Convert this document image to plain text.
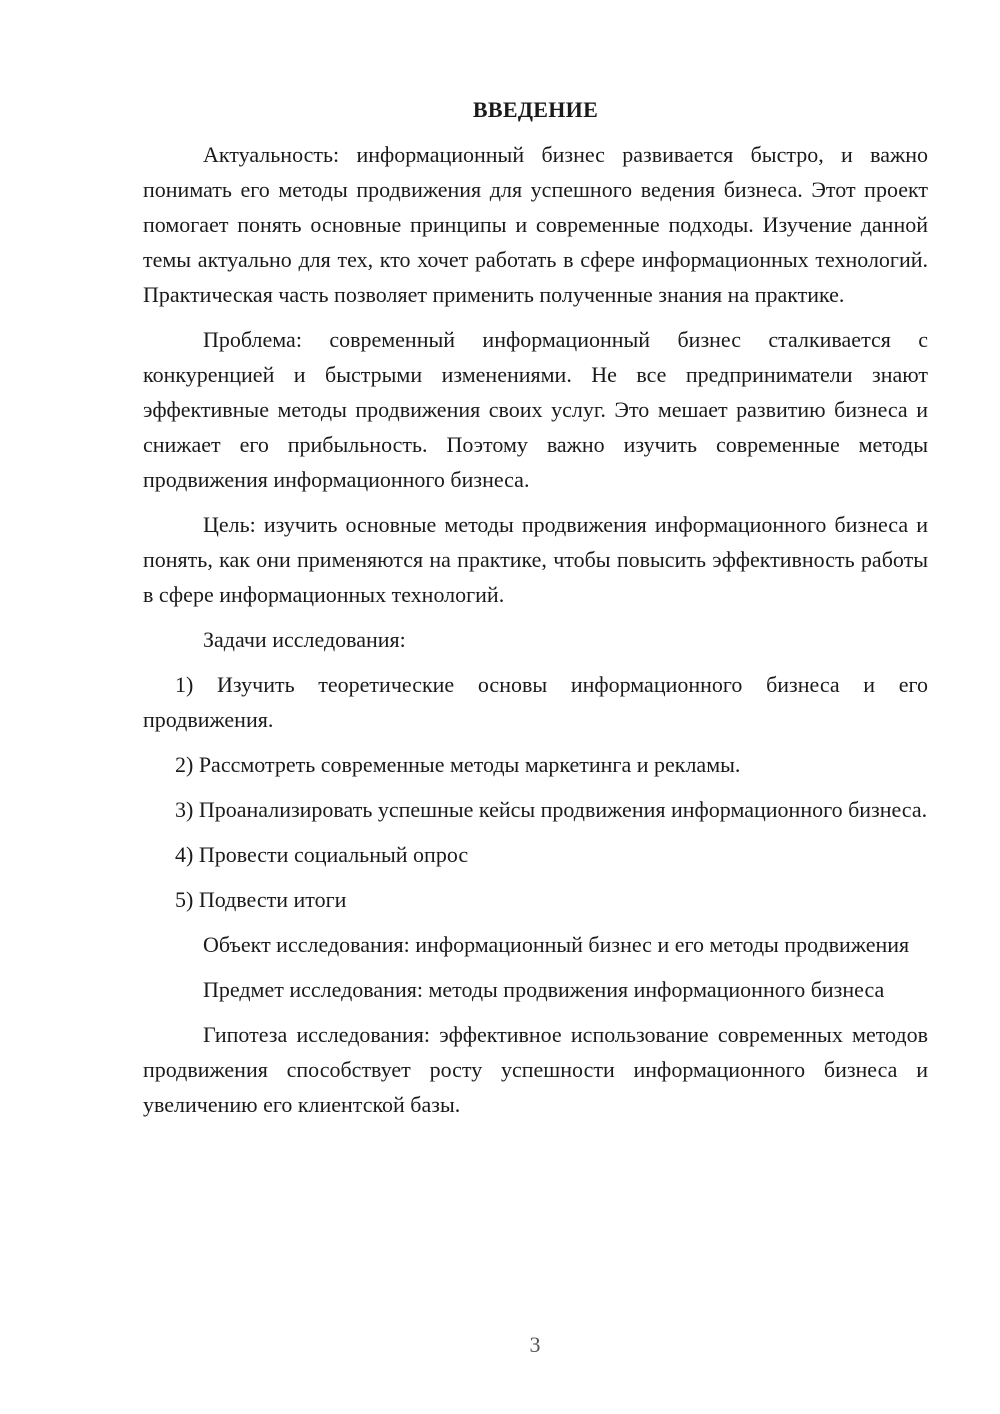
ВВЕДЕНИЕ

Актуальность: информационный бизнес развивается быстро, и важно понимать его методы продвижения для успешного ведения бизнеса. Этот проект помогает понять основные принципы и современные подходы. Изучение данной темы актуально для тех, кто хочет работать в сфере информационных технологий. Практическая часть позволяет применить полученные знания на практике.

Проблема: современный информационный бизнес сталкивается с конкуренцией и быстрыми изменениями. Не все предприниматели знают эффективные методы продвижения своих услуг. Это мешает развитию бизнеса и снижает его прибыльность. Поэтому важно изучить современные методы продвижения информационного бизнеса.

Цель: изучить основные методы продвижения информационного бизнеса и понять, как они применяются на практике, чтобы повысить эффективность работы в сфере информационных технологий.

Задачи исследования:

1) Изучить теоретические основы информационного бизнеса и его продвижения.

2) Рассмотреть современные методы маркетинга и рекламы.

3) Проанализировать успешные кейсы продвижения информационного бизнеса.

4) Провести социальный опрос

5) Подвести итоги

Объект исследования: информационный бизнес и его методы продвижения

Предмет исследования: методы продвижения информационного бизнеса

Гипотеза исследования: эффективное использование современных методов продвижения способствует росту успешности информационного бизнеса и увеличению его клиентской базы.

3
